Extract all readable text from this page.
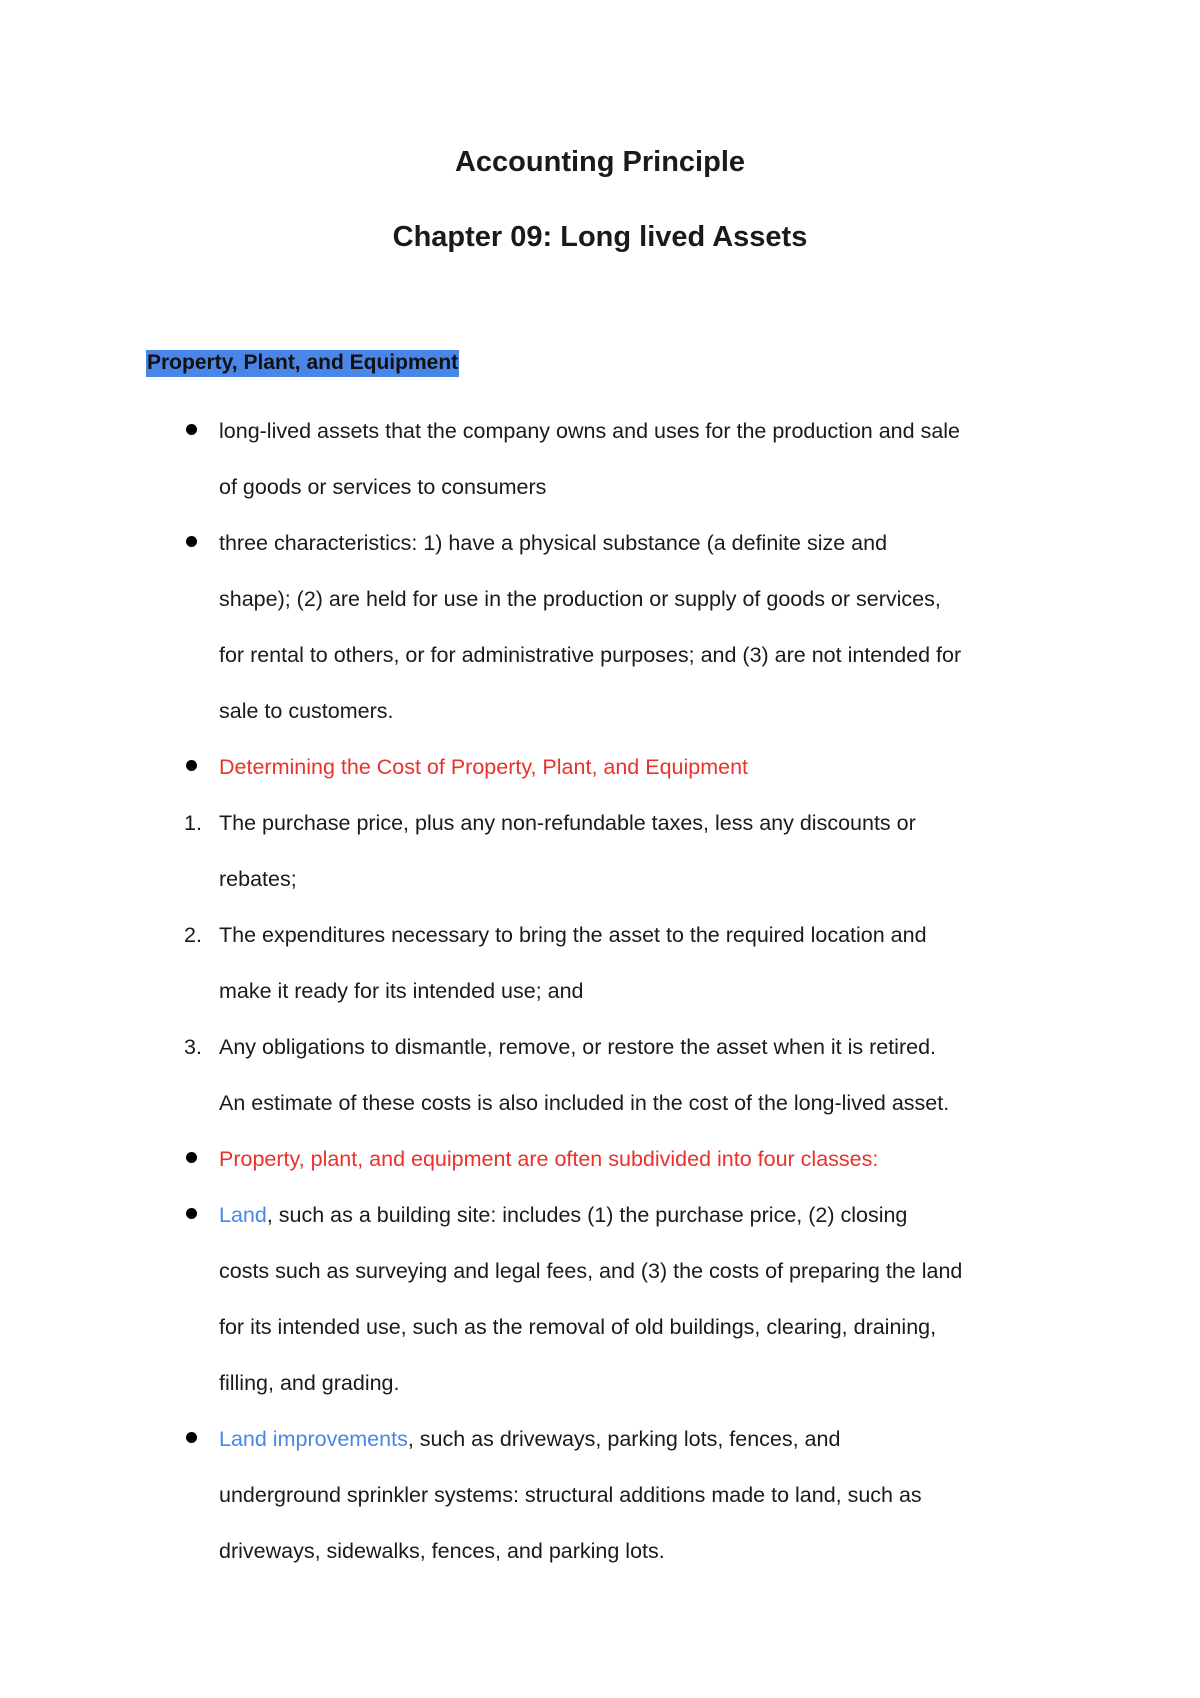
Accounting Principle
Chapter 09: Long lived Assets
Property, Plant, and Equipment

long-lived assets that the company owns and uses for the production and sale

of goods or services to consumers

three characteristics: 1) have a physical substance (a definite size and

shape); (2) are held for use in the production or supply of goods or services,

for rental to others, or for administrative purposes; and (3) are not intended for

sale to customers.

Determining the Cost of Property, Plant, and Equipment

1. The purchase price, plus any non-refundable taxes, less any discounts or

rebates;

2. The expenditures necessary to bring the asset to the required location and

make it ready for its intended use; and

3. Any obligations to dismantle, remove, or restore the asset when it is retired.

An estimate of these costs is also included in the cost of the long-lived asset.

Property, plant, and equipment are often subdivided into four classes:

Land, such as a building site: includes (1) the purchase price, (2) closing

costs such as surveying and legal fees, and (3) the costs of preparing the land

for its intended use, such as the removal of old buildings, clearing, draining,

filling, and grading.

Land improvements, such as driveways, parking lots, fences, and

underground sprinkler systems: structural additions made to land, such as

driveways, sidewalks, fences, and parking lots.
